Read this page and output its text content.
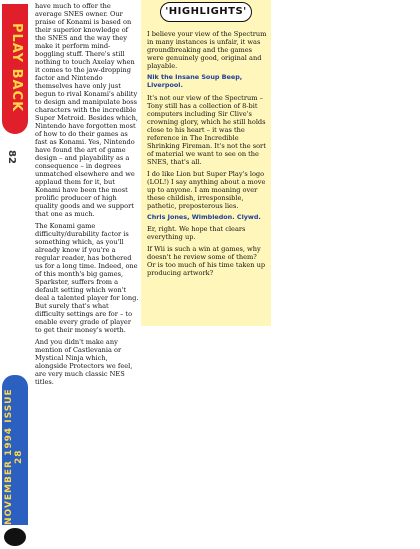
PLAY BACK
82
NOVEMBER 1994 ISSUE 28

have much to offer the average SNES owner. Our praise of Konami is based on their superior knowledge of the SNES and the way they make it perform mind-boggling stuff. There's still nothing to touch Axelay when it comes to the jaw-dropping factor and Nintendo themselves have only just begun to rival Konami's ability to design and manipulate boss characters with the incredible Super Metroid. Besides which, Nintendo have forgotten most of how to do their games as fast as Konami. Yes, Nintendo have found the art of game design – and playability as a consequence – in degrees unmatched elsewhere and we applaud them for it, but Konami have been the most prolific producer of high quality goods and we support that one as much.

The Konami game difficulty/durability factor is something which, as you'll already know if you're a regular reader, has bothered us for a long time. Indeed, one of this month's big games, Sparkster, suffers from a default setting which won't deal a talented player for long. But surely that's what difficulty settings are for – to enable every grade of player to get their money's worth.

And you didn't make any mention of Castlevania or Mystical Ninja which, alongside Protectors we feel, are very much classic NES titles.

'HIGHLIGHTS'

I believe your view of the Spectrum in many instances is unfair, it was groundbreaking and the games were genuinely good, original and playable.

Nik the Insane Soup Beep, Liverpool.

It's not our view of the Spectrum – Tony still has a collection of 8-bit computers including Sir Clive's crowning glory, which he still holds close to his heart – it was the reference in The Incredible Shrinking Fireman. It's not the sort of material we want to see on the SNES, that's all.

I do like Lion but Super Play's logo (LOL!) I say anything about a move up to anyone. I am moaning over these childish, irresponsible, pathetic, preposterous lies.

Chris Jones, Wimbledon. Clywd.

Er, right. We hope that clears everything up.

If Wii is such a win at games, why doesn't he review some of them? Or is too much of his time taken up producing artwork?
